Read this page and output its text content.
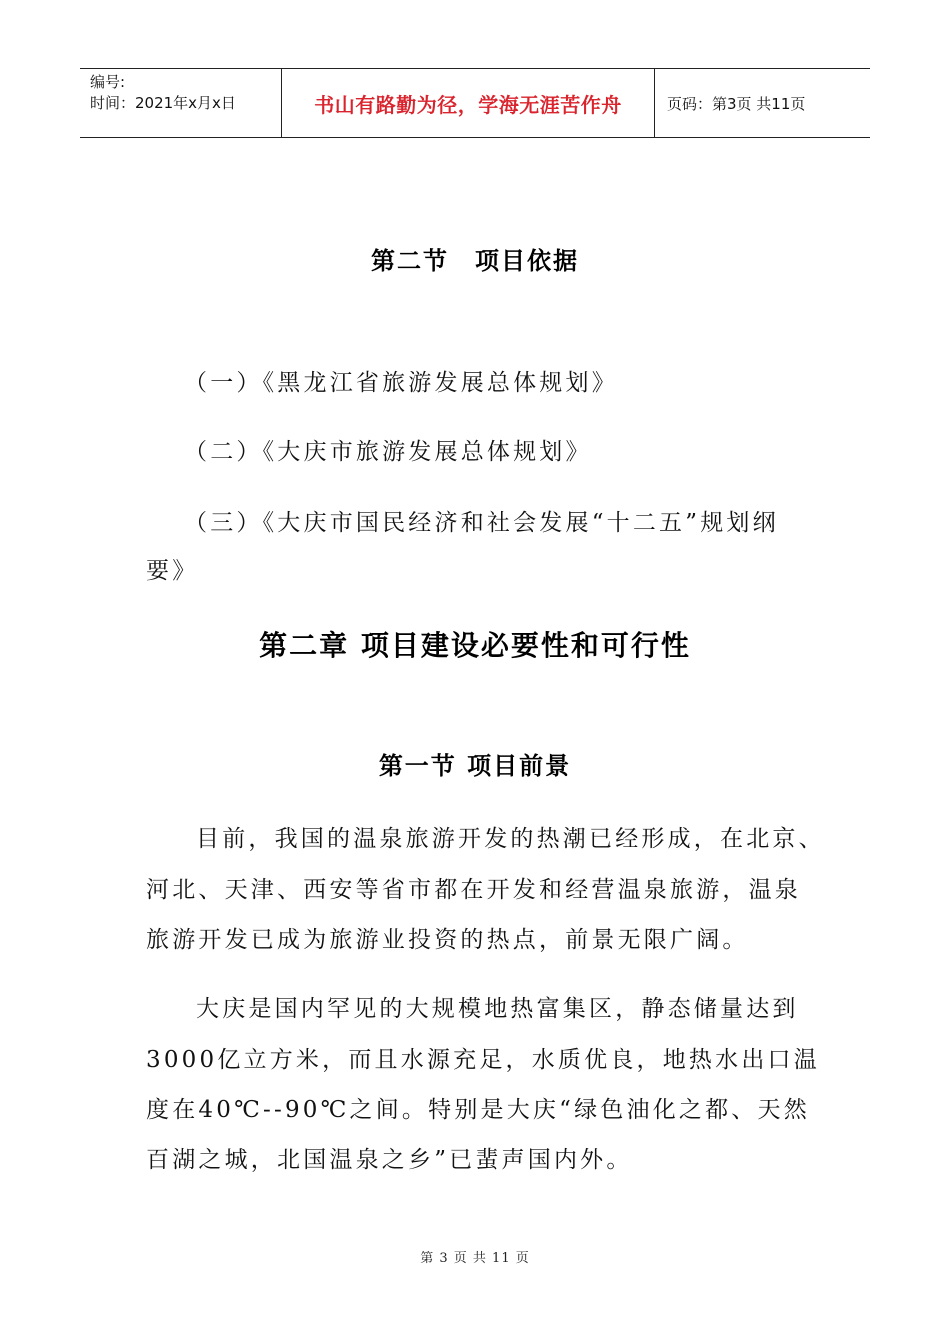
编号:
时间：2021年x月x日	书山有路勤为径，学海无涯苦作舟	页码：第3页 共11页
第二节　项目依据
（一）《黑龙江省旅游发展总体规划》
（二）《大庆市旅游发展总体规划》
（三）《大庆市国民经济和社会发展“十二五”规划纲
要》
第二章 项目建设必要性和可行性
第一节 项目前景
目前，我国的温泉旅游开发的热潮已经形成，在北京、
河北、天津、西安等省市都在开发和经营温泉旅游，温泉
旅游开发已成为旅游业投资的热点，前景无限广阔。
大庆是国内罕见的大规模地热富集区，静态储量达到
3000亿立方米，而且水源充足，水质优良，地热水出口温
度在40℃--90℃之间。特别是大庆“绿色油化之都、天然
百湖之城，北国温泉之乡”已蜚声国内外。
第 3 页 共 11 页
